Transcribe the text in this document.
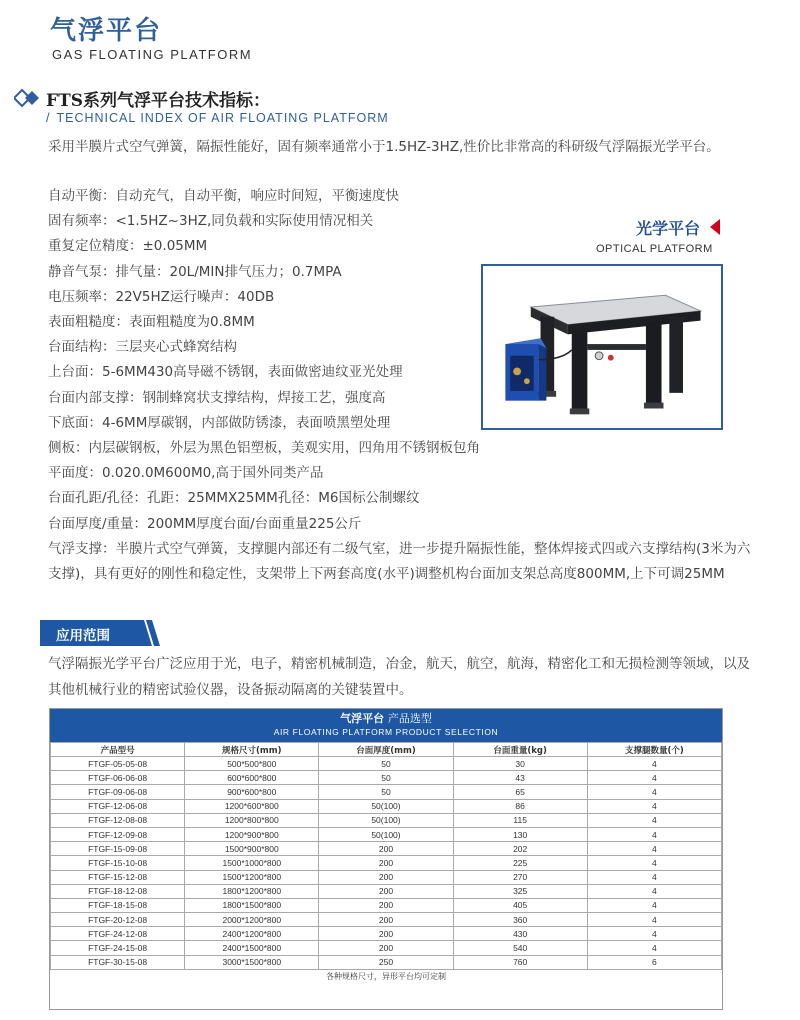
气浮平台
GAS FLOATING PLATFORM
FTS系列气浮平台技术指标：
/ TECHNICAL INDEX OF AIR FLOATING PLATFORM
采用半膜片式空气弹簧，隔振性能好，固有频率通常小于1.5HZ-3HZ,性价比非常高的科研级气浮隔振光学平台。
自动平衡：自动充气，自动平衡，响应时间短，平衡速度快
固有频率：<1.5HZ~3HZ,同负载和实际使用情况相关
重复定位精度：±0.05MM
静音气泵：排气量：20L/MIN排气压力；0.7MPA
电压频率：22V5HZ运行噪声：40DB
表面粗糙度：表面粗糙度为0.8MM
台面结构：三层夹心式蜂窝结构
上台面：5-6MM430高导磁不锈钢，表面做密迪纹亚光处理
台面内部支撑：钢制蜂窝状支撑结构，焊接工艺，强度高
下底面：4-6MM厚碳钢，内部做防锈漆，表面喷黑塑处理
侧板：内层碳钢板，外层为黑色铝塑板，美观实用，四角用不锈钢板包角
平面度：0.020.0M600M0,高于国外同类产品
台面孔距/孔径：孔距：25MMX25MM孔径：M6国标公制螺纹
台面厚度/重量：200MM厚度台面/台面重量225公斤
气浮支撑：半膜片式空气弹簧，支撑腿内部还有二级气室，进一步提升隔振性能，整体焊接式四或六支撑结构(3米为六支撑)，具有更好的刚性和稳定性，支架带上下两套高度(水平)调整机构台面加支架总高度800MM,上下可调25MM
光学平台
OPTICAL PLATFORM
应用范围
气浮隔振光学平台广泛应用于光，电子，精密机械制造，冶金，航天，航空，航海，精密化工和无损检测等领域，以及其他机械行业的精密试验仪器，设备振动隔离的关键装置中。
气浮平台 产品选型
AIR FLOATING PLATFORM PRODUCT SELECTION
产品型号	规格尺寸(mm)	台面厚度(mm)	台面重量(kg)	支撑腿数量(个)
FTGF-05-05-08	500*500*800	50	30	4
FTGF-06-06-08	600*600*800	50	43	4
FTGF-09-06-08	900*600*800	50	65	4
FTGF-12-06-08	1200*600*800	50(100)	86	4
FTGF-12-08-08	1200*800*800	50(100)	115	4
FTGF-12-09-08	1200*900*800	50(100)	130	4
FTGF-15-09-08	1500*900*800	200	202	4
FTGF-15-10-08	1500*1000*800	200	225	4
FTGF-15-12-08	1500*1200*800	200	270	4
FTGF-18-12-08	1800*1200*800	200	325	4
FTGF-18-15-08	1800*1500*800	200	405	4
FTGF-20-12-08	2000*1200*800	200	360	4
FTGF-24-12-08	2400*1200*800	200	430	4
FTGF-24-15-08	2400*1500*800	200	540	4
FTGF-30-15-08	3000*1500*800	250	760	6
各种规格尺寸，异形平台均可定制
